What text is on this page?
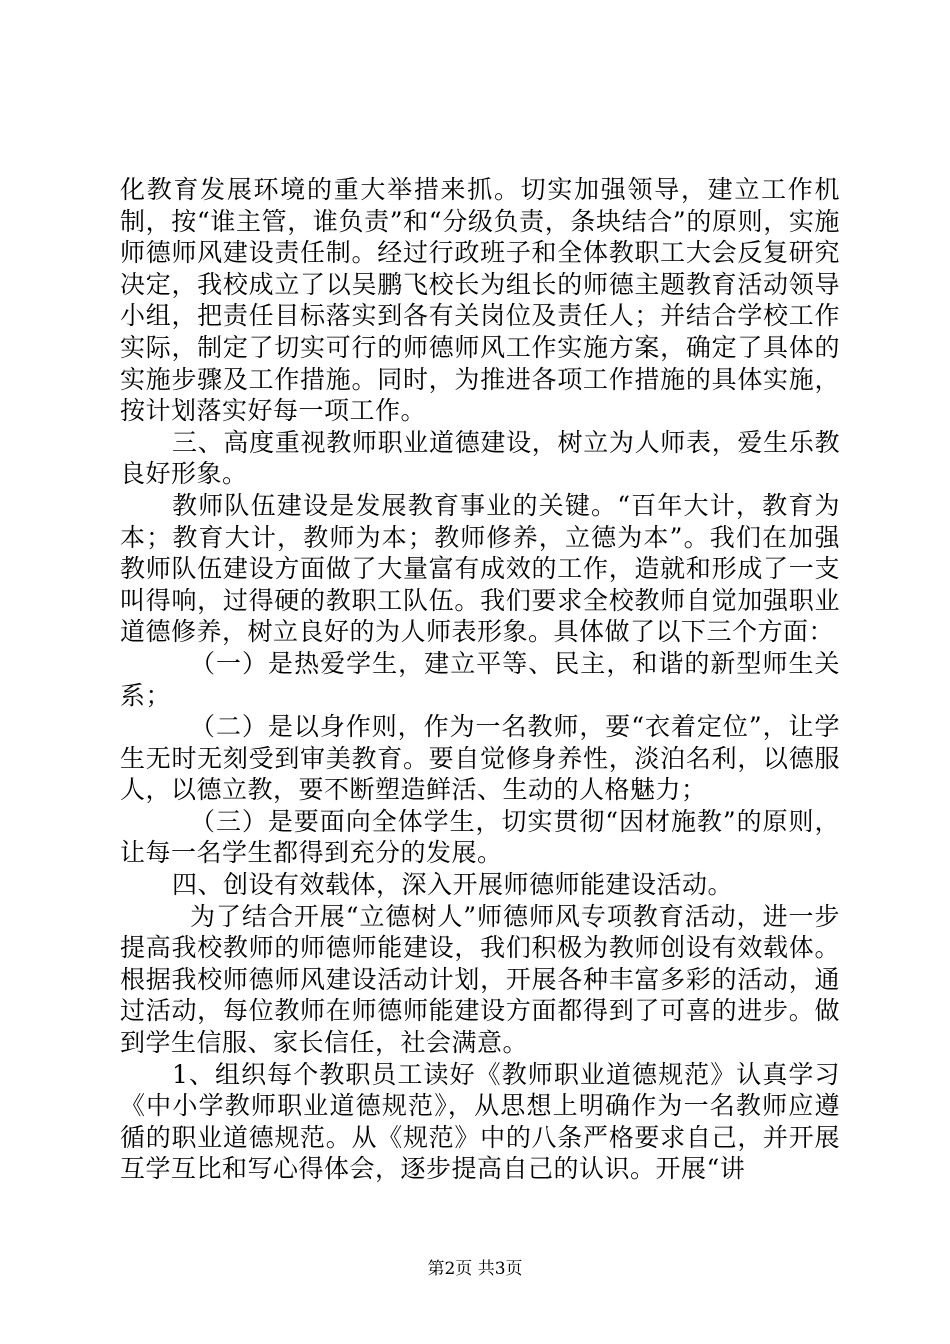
化教育发展环境的重大举措来抓。切实加强领导，建立工作机制，按“谁主管，谁负责”和“分级负责，条块结合”的原则，实施师德师风建设责任制。经过行政班子和全体教职工大会反复研究决定，我校成立了以吴鹏飞校长为组长的师德主题教育活动领导小组，把责任目标落实到各有关岗位及责任人；并结合学校工作实际，制定了切实可行的师德师风工作实施方案，确定了具体的实施步骤及工作措施。同时，为推进各项工作措施的具体实施，按计划落实好每一项工作。

三、高度重视教师职业道德建设，树立为人师表，爱生乐教良好形象。

教师队伍建设是发展教育事业的关键。“百年大计，教育为本；教育大计，教师为本；教师修养，立德为本”。我们在加强教师队伍建设方面做了大量富有成效的工作，造就和形成了一支叫得响，过得硬的教职工队伍。我们要求全校教师自觉加强职业道德修养，树立良好的为人师表形象。具体做了以下三个方面：

（一）是热爱学生，建立平等、民主，和谐的新型师生关系；

（二）是以身作则，作为一名教师，要“衣着定位”，让学生无时无刻受到审美教育。要自觉修身养性，淡泊名利，以德服人，以德立教，要不断塑造鲜活、生动的人格魅力；

（三）是要面向全体学生，切实贯彻“因材施教”的原则，让每一名学生都得到充分的发展。

四、创设有效载体，深入开展师德师能建设活动。

为了结合开展“立德树人”师德师风专项教育活动，进一步提高我校教师的师德师能建设，我们积极为教师创设有效载体。根据我校师德师风建设活动计划，开展各种丰富多彩的活动，通过活动，每位教师在师德师能建设方面都得到了可喜的进步。做到学生信服、家长信任，社会满意。

1、组织每个教职员工读好《教师职业道德规范》认真学习《中小学教师职业道德规范》，从思想上明确作为一名教师应遵循的职业道德规范。从《规范》中的八条严格要求自己，并开展互学互比和写心得体会，逐步提高自己的认识。开展“讲

第2页 共3页
